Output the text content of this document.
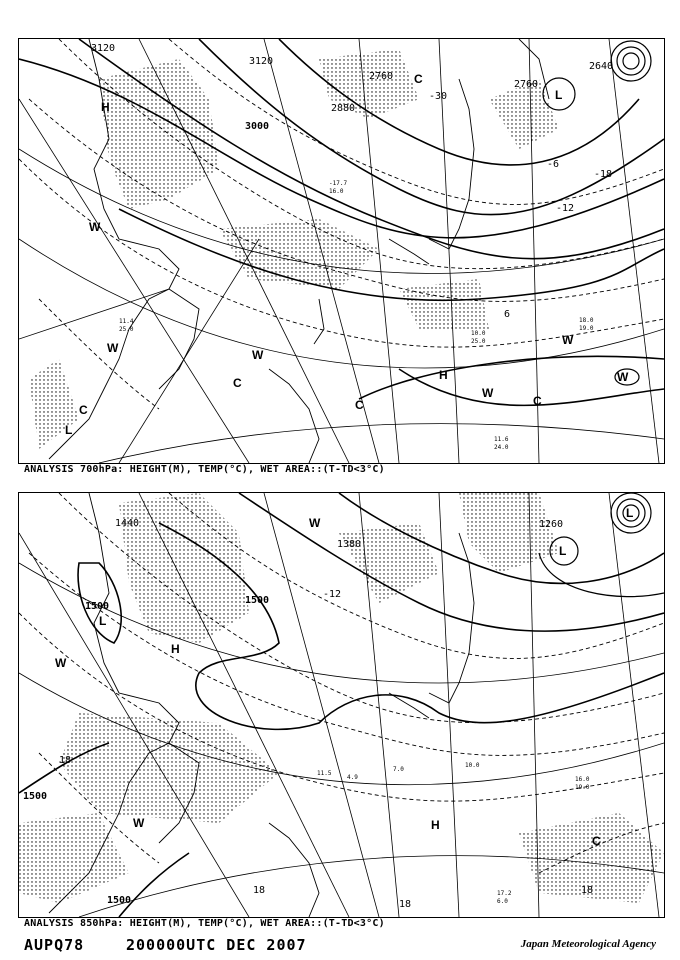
3120
3000
2880
2760
3120
2760
2640
-30
-18
-12
-6
6
H
H
L
L
C
C
C	C
C
W
W	W
W
W
W
11.6
24.0
10.0
25.0
18.0
19.0
11.4
25.0
-17.7
16.0
ANALYSIS 700hPa: HEIGHT(M), TEMP(°C), WET AREA::(T-TD<3°C)
1500
1500
1500
1500
1380
1260
1440
-12
18
18
18
18
H
H
L
L
L
C
W
W
W
17.2
6.0
16.0
19.0
11.5
7.0
4.9
10.0
ANALYSIS 850hPa: HEIGHT(M), TEMP(°C), WET AREA::(T-TD<3°C)
AUPQ78	200000UTC DEC 2007	Japan Meteorological Agency
